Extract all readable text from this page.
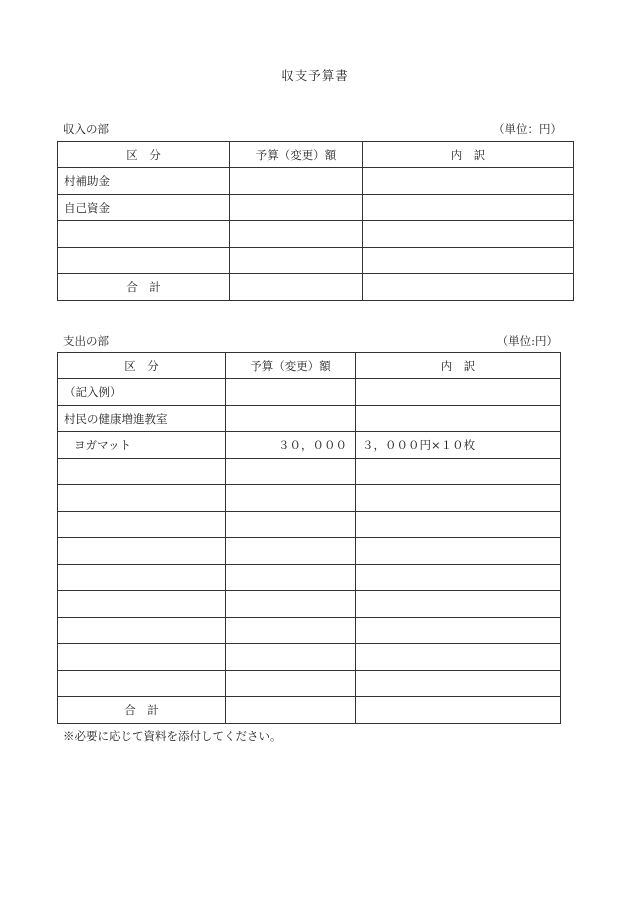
収支予算書
収入の部	（単位：円）
区　分	予算（変更）額	内　訳
村補助金		
自己資金		

合　計		
支出の部	（単位:円）
区　分	予算（変更）額	内　訳
（記入例）		
村民の健康増進教室		
ヨガマット	３０，０００	３，０００円×１０枚

合　計		
※必要に応じて資料を添付してください。
